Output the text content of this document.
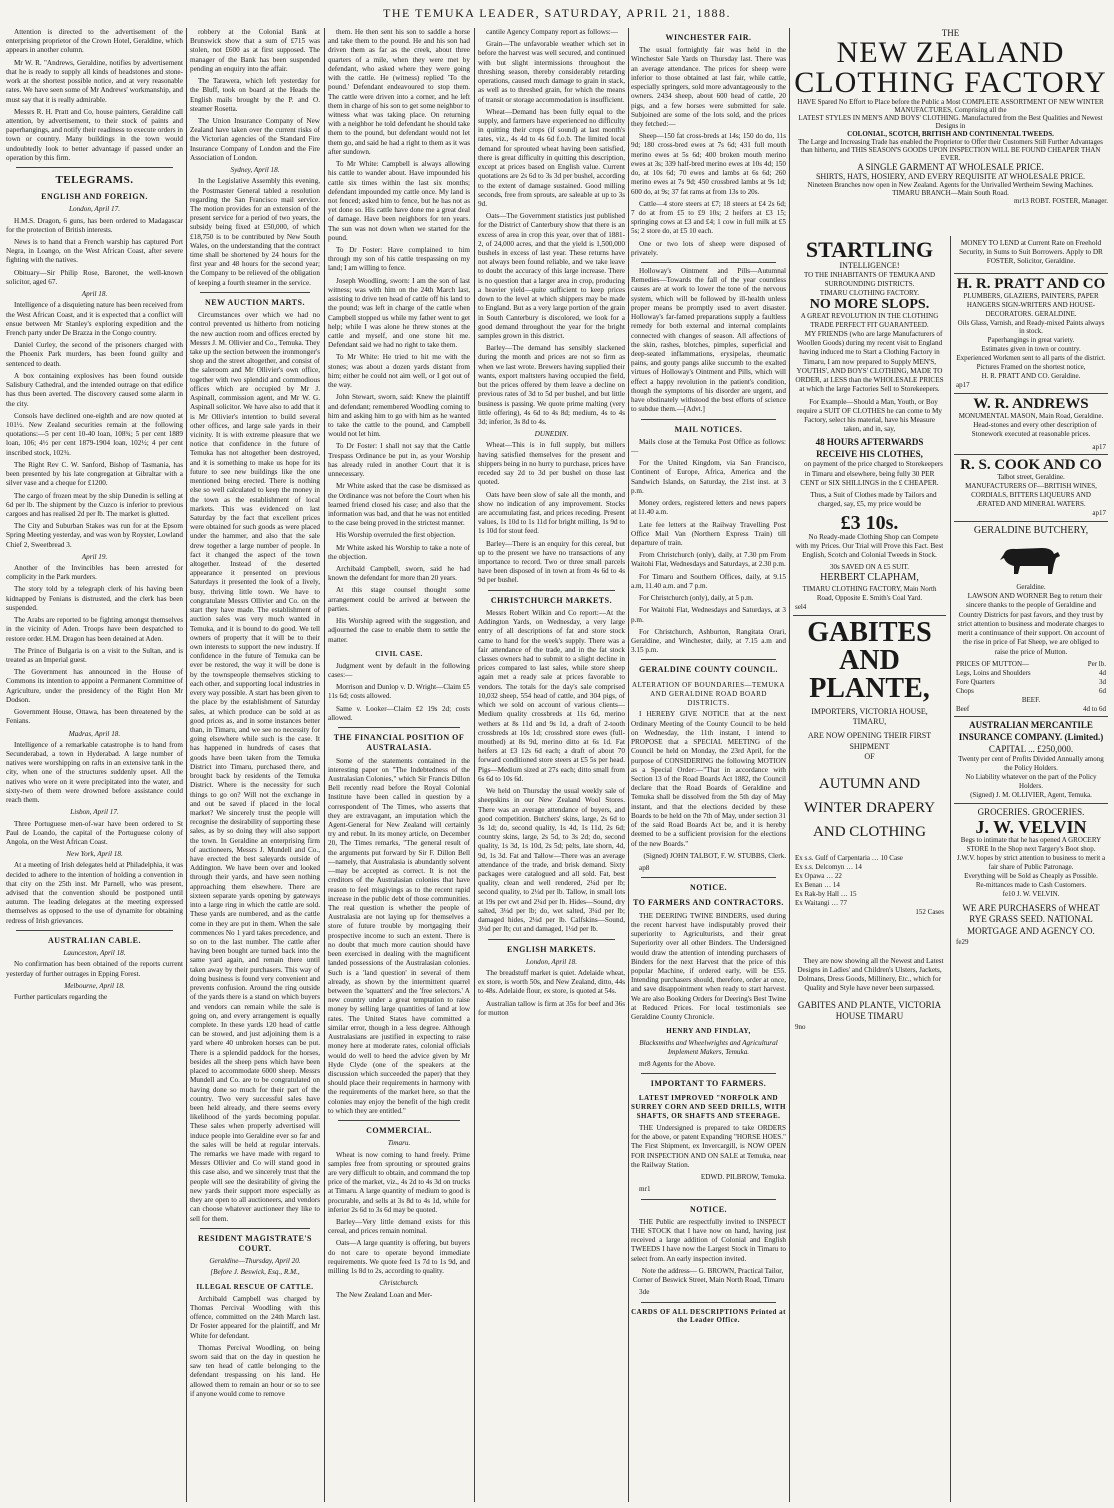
THE TEMUKA LEADER, SATURDAY, APRIL 21, 1888.

Attention is directed to the advertisement of the enterprising proprietor of the Crown Hotel, Geraldine, which appears in another column.

Mr W. R. "Andrews, Geraldine, notifies by advertisement that he is ready to supply all kinds of headstones and stone-work at the shortest possible notice, and at very reasonable rates. We have seen some of Mr Andrews' workmanship, and must say that it is really admirable.

Messrs R. H. Pratt and Co, house painters, Geraldine call attention, by advertisement, to their stock of paints and paperhangings, and notify their readiness to execute orders in town or country. Many buildings in the town would undoubtedly look to better advantage if passed under an operation by this firm.

TELEGRAMS.
ENGLISH AND FOREIGN.
London, April 17.

H.M.S. Dragon, 6 guns, has been ordered to Madagascar for the protection of British interests.

News is to hand that a French warship has captured Port Negra, in Loango, on the West African Coast, after severe fighting with the natives.

Obituary—Sir Philip Rose, Baronet, the well-known solicitor, aged 67.

April 18.

Intelligence of a disquieting nature has been received from the West African Coast, and it is expected that a conflict will ensue between Mr Stanley's exploring expedition and the French party under De Brazza in the Congo country.

Daniel Curley, the second of the prisoners charged with the Phoenix Park murders, has been found guilty and sentenced to death.

A box containing explosives has been found outside Salisbury Cathedral, and the intended outrage on that edifice has thus been averted. The discovery caused some alarm in the city.

Consols have declined one-eighth and are now quoted at 101½. New Zealand securities remain at the following quotations:—5 per cent 10-40 loan, 108¾; 5 per cent 1889 loan, 106; 4½ per cent 1879-1904 loan, 102½; 4 per cent inscribed stock, 102¾.

The Right Rev C. W. Sanford, Bishop of Tasmania, has been presented by his late congregation at Gibraltar with a silver vase and a cheque for £1200.

The cargo of frozen meat by the ship Dunedin is selling at 6d per lb. The shipment by the Cuzco is inferior to previous cargoes and has realised 2d per lb. The market is glutted.

The City and Suburban Stakes was run for at the Epsom Spring Meeting yesterday, and was won by Royster, Lowland Chief 2, Sweetbread 3.

April 19.

Another of the Invincibles has been arrested for complicity in the Park murders.

The story told by a telegraph clerk of his having been kidnapped by Fenians is distrusted, and the clerk has been suspended.

The Arabs are reported to be fighting amongst themselves in the vicinity of Aden. Troops have been despatched to restore order. H.M. Dragon has been detained at Aden.

The Prince of Bulgaria is on a visit to the Sultan, and is treated as an Imperial guest.

The Government has announced in the House of Commons its intention to appoint a Permanent Committee of Agriculture, under the presidency of the Right Hon Mr Dodson.

Government House, Ottawa, has been threatened by the Fenians.

Madras, April 18.

Intelligence of a remarkable catastrophe is to hand from Secunderabad, a town in Hyderabad. A large number of natives were worshipping on rafts in an extensive tank in the city, when one of the structures suddenly upset. All the natives who were on it were precipitated into the water, and sixty-two of them were drowned before assistance could reach them.

Lisbon, April 17.

Three Portuguese men-of-war have been ordered to St Paul de Loando, the capital of the Portuguese colony of Angola, on the West African Coast.

New York, April 18.

At a meeting of Irish delegates held at Philadelphia, it was decided to adhere to the intention of holding a convention in that city on the 25th inst. Mr Parnell, who was present, advised that the convention should be postponed until autumn. The leading delegates at the meeting expressed themselves as opposed to the use of dynamite for obtaining redress of Irish grievances.

AUSTRALIAN CABLE.
Launceston, April 18.

No confirmation has been obtained of the reports current yesterday of further outrages in Epping Forest.

Melbourne, April 18.

Further particulars regarding the

robbery at the Colonial Bank at Brunswick show that a sum of £715 was stolen, not £600 as at first supposed. The manager of the Bank has been suspended pending an enquiry into the affair.

The Tarawera, which left yesterday for the Bluff, took on board at the Heads the English mails brought by the P. and O. steamer Rosetta.

The Union Insurance Company of New Zealand have taken over the current risks of the Victorian agencies of the Standard Fire Insurance Company of London and the Fire Association of London.

Sydney, April 18.

In the Legislative Assembly this evening, the Postmaster General tabled a resolution regarding the San Francisco mail service. The motion provides for an extension of the present service for a period of two years, the subsidy being fixed at £50,000, of which £18,750 is to be contributed by New South Wales, on the understanding that the contract time shall be shortened by 24 hours for the first year and 48 hours for the second year; the Company to be relieved of the obligation of keeping a fourth steamer in the service.

NEW AUCTION MARTS.

Circumstances over which we had no control prevented us hitherto from noticing the new auction room and offices erected by Messrs J. M. Ollivier and Co., Temuka. They take up the section between the ironmonger's shop and the street altogether, and consist of the saleroom and Mr Ollivier's own office, together with two splendid and commodious offices which are occupied by Mr J. Aspinall, commission agent, and Mr W. G. Aspinall solicitor. We have also to add that it is Mr Ollivier's intention to build several other offices, and large sale yards in their vicinity. It is with extreme pleasure that we notice that confidence in the future of Temuka has not altogether been destroyed, and it is something to make us hope for its future to see new buildings like the one mentioned being erected. There is nothing else so well calculated to keep the money in the town as the establishment of local markets. This was evidenced on last Saturday by the fact that excellent prices were obtained for such goods as were placed under the hammer, and also that the sale drew together a large number of people. In fact it changed the aspect of the town altogether. Instead of the deserted appearance it presented on previous Saturdays it presented the look of a lively, busy, thriving little town. We have to congratulate Messrs Ollivier and Co. on the start they have made. The establishment of auction sales was very much wanted in Temuka, and it is bound to do good. We tell owners of property that it will be to their own interests to support the new industry. If confidence in the future of Temuka can be ever be restored, the way it will be done is by the townspeople themselves sticking to each other, and supporting local industries in every way possible. A start has been given to the place by the establishment of Saturday sales, at which produce can be sold at as good prices as, and in some instances better than, in Timaru, and we see no necessity for going elsewhere while such is the case. It has happened in hundreds of cases that goods have been taken from the Temuka District into Timaru, purchased there, and brought back by residents of the Temuka District. Where is the necessity for such things to go on? Will not the exchange in and out be saved if placed in the local market? We sincerely trust the people will recognise the desirability of supporting these sales, as by so doing they will also support the town. In Geraldine an enterprising firm of auctioneers, Messrs J. Mundell and Co., have erected the best saleyards outside of Addington. We have been over and looked through their yards, and have seen nothing approaching them elsewhere. There are sixteen separate yards opening by gateways into a large ring in which the cattle are sold. These yards are numbered, and as the cattle come in they are put in them. When the sale commences No 1 yard takes precedence, and so on to the last number. The cattle after having been bought are turned back into the same yard again, and remain there until taken away by their purchasers. This way of doing business is found very convenient and prevents confusion. Around the ring outside of the yards there is a stand on which buyers and vendors can remain while the sale is going on, and every arrangement is equally complete. In these yards 120 head of cattle can be stowed, and just adjoining them is a yard where 40 unbroken horses can be put. There is a splendid paddock for the horses, besides all the sheep pens which have been placed to accommodate 6000 sheep. Messrs Mundell and Co. are to be congratulated on having done so much for their part of the country. Two very successful sales have been held already, and there seems every likelihood of the yards becoming popular. These sales when properly advertised will induce people into Geraldine ever so far and the sales will be held at regular intervals. The remarks we have made with regard to Messrs Ollivier and Co will stand good in this case also, and we sincerely trust that the people will see the desirability of giving the new yards their support more especially as they are open to all auctioneers, and vendors can choose whatever auctioneer they like to sell for them.

RESIDENT MAGISTRATE'S COURT.
Geraldine—Thursday, April 20.
[Before J. Beswick, Esq., R.M.,
ILLEGAL RESCUE OF CATTLE.

Archibald Campbell was charged by Thomas Percival Woodling with this offence, committed on the 24th March last. Dr Foster appeared for the plaintiff, and Mr White for defendant.

Thomas Percival Woodling, on being sworn said that on the day in question he saw ten head of cattle belonging to the defendant trespassing on his land. He allowed them to remain an hour or so to see if anyone would come to remove

them. He then sent his son to saddle a horse and take them to the pound. He and his son had driven them as far as the creek, about three quarters of a mile, when they were met by defendant, who asked where they were going with the cattle. He (witness) replied 'To the pound.' Defendant endeavoured to stop them. The cattle were driven into a corner, and he left them in charge of his son to get some neighbor to witness what was taking place. On returning with a neighbor he told defendant he should take them to the pound, but defendant would not let them go, and said he had a right to them as it was after sundown.

To Mr White: Campbell is always allowing his cattle to wander about. Have impounded his cattle six times within the last six months; defendant impounded my cattle once. My land is not fenced; asked him to fence, but he has not as yet done so. His cattle have done me a great deal of damage. Have been neighbors for ten years. The sun was not down when we started for the pound.

To Dr Foster: Have complained to him through my son of his cattle trespassing on my land; I am willing to fence.

Joseph Woodling, sworn: I am the son of last witness; was with him on the 24th March last, assisting to drive ten head of cattle off his land to the pound; was left in charge of the cattle when Campbell stopped us while my father went to get help; while I was alone he threw stones at the cattle and myself, and one stone hit me. Defendant said we had no right to take them.

To Mr White: He tried to hit me with the stones; was about a dozen yards distant from him; either he could not aim well, or I got out of the way.

John Stewart, sworn, said: Knew the plaintiff and defendant; remembered Woodling coming to him and asking him to go with him as he wanted to take the cattle to the pound, and Campbell would not let him.

To Dr Foster: I shall not say that the Cattle Trespass Ordinance be put in, as your Worship has already ruled in another Court that it is unnecessary.

Mr White asked that the case be dismissed as the Ordinance was not before the Court when his learned friend closed his case; and also that the information was bad, and that he was not entitled to the case being proved in the strictest manner.

His Worship overruled the first objection.

Mr White asked his Worship to take a note of the objection.

Archibald Campbell, sworn, said he had known the defendant for more than 20 years.

At this stage counsel thought some arrangement could be arrived at between the parties.

His Worship agreed with the suggestion, and adjourned the case to enable them to settle the matter.

CIVIL CASE.

Judgment went by default in the following cases:—

Morrison and Dunlop v. D. Wright—Claim £5 11s 6d; costs allowed.

Same v. Looker—Claim £2 19s 2d; costs allowed.

THE FINANCIAL POSITION OF AUSTRALASIA.

Some of the statements contained in the interesting paper on "The Indebtedness of the Australasian Colonies," which Sir Francis Dillon Bell recently read before the Royal Colonial Institute have been called in question by a correspondent of The Times, who asserts that they are extravagant, an imputation which the Agent-General for New Zealand will certainly try and rebut. In its money article, on December 20, The Times remarks, "The general result of the arguments put forward by Sir F. Dillon Bell—namely, that Australasia is abundantly solvent—may be accepted as correct. It is not the creditors of the Australasian colonies that have reason to feel misgivings as to the recent rapid increase in the public debt of those communities. The real question is whether the people of Australasia are not laying up for themselves a store of future trouble by mortgaging their prospective income to such an extent. There is no doubt that much more caution should have been exercised in dealing with the magnificent landed possessions of the Australasian colonies. Such is a 'land question' in several of them already, as shown by the intermittent quarrel between the 'squatters' and the 'free selectors.' A new country under a great temptation to raise money by selling large quantities of land at low rates. The United States have committed a similar error, though in a less degree. Although Australasians are justified in expecting to raise money here at moderate rates, colonial officials would do well to heed the advice given by Mr Hyde Clyde (one of the speakers at the discussion which succeeded the paper) that they should place their requirements in harmony with the requirements of the market here, so that the colonies may enjoy the benefit of the high credit to which they are entitled."

COMMERCIAL.
Timaru.

Wheat is now coming to hand freely. Prime samples free from sprouting or sprouted grains are very difficult to obtain, and command the top price of the market, viz., 4s 2d to 4s 3d on trucks at Timaru. A large quantity of medium to good is procurable, and sells at 3s 8d to 4s 1d, while for inferior 2s 6d to 3s 6d may be quoted.

Barley—Very little demand exists for this cereal, and prices remain nominal.

Oats—A large quantity is offering, but buyers do not care to operate beyond immediate requirements. We quote feed 1s 7d to 1s 9d, and milling 1s 8d to 2s, according to quality.

Christchurch.

The New Zealand Loan and Mer-

cantile Agency Company report as follows:—

Grain—The unfavorable weather which set in before the harvest was well secured, and continued with but slight intermissions throughout the threshing season, thereby considerably retarding operations, caused much damage to grain in stack, as well as to threshed grain, for which the means of transit or storage accommodation is insufficient.

Wheat—Demand has been fully equal to the supply, and farmers have experienced no difficulty in quitting their crops (if sound) at last month's rates, viz., 4s 4d to 4s 6d f.o.b. The limited local demand for sprouted wheat having been satisfied, there is great difficulty in quitting this description, except at prices based on English value. Current quotations are 2s 6d to 3s 3d per bushel, according to the extent of damage sustained. Good milling seconds, free from sprouts, are saleable at up to 3s 9d.

Oats—The Government statistics just published for the District of Canterbury show that there is an excess of area in crop this year, over that of 1881-2, of 24,000 acres, and that the yield is 1,500,000 bushels in excess of last year. These returns have not always been found reliable, and we take leave to doubt the accuracy of this large increase. There is no question that a larger area in crop, producing a heavier yield—quite sufficient to keep prices down to the level at which shippers may be made to England. But as a very large portion of the grain in South Canterbury is discolored, we look for a good demand throughout the year for the bright samples grown in this district.

Barley—The demand has sensibly slackened during the month and prices are not so firm as when we last wrote. Brewers having supplied their wants, export maltsters having occupied the field, but the prices offered by them leave a decline on previous rates of 3d to 5d per bushel, and but little business is passing. We quote prime malting (very little offering), 4s 6d to 4s 8d; medium, 4s to 4s 3d; inferior, 3s 8d to 4s.

DUNEDIN.

Wheat—This is in full supply, but millers having satisfied themselves for the present and shippers being in no hurry to purchase, prices have receded say 2d to 3d per bushel on those last quoted.

Oats have been slow of sale all the month, and show no indication of any improvement. Stocks are accumulating fast, and prices receding. Present values, 1s 10d to 1s 11d for bright milling, 1s 9d to 1s 10d for stout feed.

Barley—There is an enquiry for this cereal, but up to the present we have no transactions of any importance to record. Two or three small parcels have been disposed of in town at from 4s 6d to 4s 9d per bushel.

CHRISTCHURCH MARKETS.

Messrs Robert Wilkin and Co report:—At the Addington Yards, on Wednesday, a very large entry of all descriptions of fat and store stock came to hand for the week's supply. There was a fair attendance of the trade, and in the fat stock classes owners had to submit to a slight decline in prices compared to last sales, while store sheep again met a ready sale at prices favorable to vendors. The totals for the day's sale comprised 10,032 sheep, 554 head of cattle, and 304 pigs, of which we sold on account of various clients—Medium quality crossbreds at 11s 6d, merino wethers at 8s 11d and 9s 1d, a draft of 2-tooth crossbreds at 10s 1d; crossbred store ewes (full-mouthed) at 8s 9d, merino ditto at 6s 1d. Fat heifers at £3 12s 6d each; a draft of about 70 forward conditioned store steers at £5 5s per head. Pigs—Medium sized at 27s each; ditto small from 6s 6d to 10s 6d.

We held on Thursday the usual weekly sale of sheepskins in our New Zealand Wool Stores. There was an average attendance of buyers, and good competition. Butchers' skins, large, 2s 6d to 3s 1d; do, second quality, 1s 4d, 1s 11d, 2s 6d; country skins, large, 2s 5d, to 3s 2d; do, second quality, 1s 3d, 1s 10d, 2s 5d; pelts, late shorn, 4d, 9d, 1s 3d. Fat and Tallow—There was an average attendance of the trade, and brisk demand. Sixty packages were catalogued and all sold. Fat, best quality, clean and well rendered, 2¼d per lb; second quality, to 2¼d per lb. Tallow, in small lots at 19s per cwt and 2¼d per lb. Hides—Sound, dry salted, 3¼d per lb; do, wet salted, 3¼d per lb; damaged hides, 2¼d per lb. Calfskins—Sound, 3¼d per lb; cut and damaged, 1¼d per lb.

ENGLISH MARKETS.
London, April 18.

The breadstuff market is quiet. Adelaide wheat, ex store, is worth 50s, and New Zealand, ditto, 44s to 48s. Adelaide flour, ex store, is quoted at 54s.

Australian tallow is firm at 35s for beef and 36s for mutton

WINCHESTER FAIR.

The usual fortnightly fair was held in the Winchester Sale Yards on Thursday last. There was an average attendance. The prices for sheep were inferior to those obtained at last fair, while cattle, especially springers, sold more advantageously to the owners. 2434 sheep, about 600 head of cattle, 20 pigs, and a few horses were submitted for sale. Subjoined are some of the lots sold, and the prices they fetched:—

Sheep—150 fat cross-breds at 14s; 150 do do, 11s 9d; 180 cross-bred ewes at 7s 6d; 431 full mouth merino ewes at 5s 6d; 400 broken mouth merino ewes at 3s; 339 half-bred merino ewes at 10s 4d; 150 do, at 10s 6d; 70 ewes and lambs at 6s 6d; 260 merino ewes at 7s 9d; 450 crossbred lambs at 9s 1d; 600 do, at 9s; 37 fat rams at from 13s to 20s.

Cattle—4 store steers at £7; 18 steers at £4 2s 6d; 7 do at from £5 to £9 10s; 2 heifers at £3 15; springing cows at £3 and £4; 1 cow in full milk at £5 5s; 2 store do, at £5 10 each.

One or two lots of sheep were disposed of privately.

Holloway's Ointment and Pills—Autumnal Remedies—Towards the fall of the year countless causes are at work to lower the tone of the nervous system, which will be followed by ill-health unless proper means be promptly used to avert disaster. Holloway's far-famed preparations supply a faultless remedy for both external and internal complaints connected with changes of season. All affections of the skin, rashes, blotches, pimples, superficial and deep-seated inflammations, erysipelas, rheumatic pains, and gouty pangs alike succumb to the exalted virtues of Holloway's Ointment and Pills, which will effect a happy revolution in the patient's condition, though the symptoms of his disorder are urgent, and have obstinately withstood the best efforts of science to subdue them.—[Advt.]

MAIL NOTICES.

Mails close at the Temuka Post Office as follows:—

For the United Kingdom, via San Francisco, Continent of Europe, Africa, America and the Sandwich Islands, on Saturday, the 21st inst. at 3 p.m.

Money orders, registered letters and news papers at 11.40 a.m.

Late fee letters at the Railway Travelling Post Office Mail Van (Northern Express Train) till departure of train.

From Christchurch (only), daily, at 7.30 pm From Waitohi Flat, Wednesdays and Saturdays, at 2.30 p.m.

For Timaru and Southern Offices, daily, at 9.15 a.m, 11.40 a.m. and 7 p.m.

For Christchurch (only), daily, at 5 p.m.

For Waitohi Flat, Wednesdays and Saturdays, at 3 p.m.

For Christchurch, Ashburton, Rangitata Orari, Geraldine, and Winchester, daily, at 7.15 a.m and 3.15 p.m.

GERALDINE COUNTY COUNCIL.
ALTERATION OF BOUNDARIES—TEMUKA AND GERALDINE ROAD BOARD DISTRICTS.

I HEREBY GIVE NOTICE that at the next Ordinary Meeting of the County Council to be held on Wednesday, the 11th instant, I intend to PROPOSE that a SPECIAL MEETING of the Council be held on Monday, the 23rd April, for the purpose of CONSIDERING the following MOTION as a Special Order:—"That in accordance with Section 13 of the Road Boards Act 1882, the Council declare that the Road Boards of Geraldine and Temuka shall be dissolved from the 5th day of May instant, and that the elections decided by these Boards to be held on the 7th of May, under section 31 of the said Road Boards Act be, and it is hereby deemed to be a sufficient provision for the elections of the new Boards."

(Signed) JOHN TALBOT, F. W. STUBBS, Clerk.

ap8

NOTICE.
TO FARMERS AND CONTRACTORS.

THE DEERING TWINE BINDERS, used during the recent harvest have indisputably proved their superiority to Agriculturists, and their great Superiority over all other Binders. The Undersigned would draw the attention of intending purchasers of Binders for the next Harvest that the price of this popular Machine, if ordered early, will be £55. Intending purchasers should, therefore, order at once, and save disappointment when ready to start harvest. We are also Booking Orders for Deering's Best Twine at Reduced Prices. For local testimonials see Geraldine County Chronicle.

HENRY AND FINDLAY,
Blacksmiths and Wheelwrights and Agricultural Implement Makers, Temuka.

mr8 Agents for the Above.

IMPORTANT TO FARMERS.
LATEST IMPROVED "NORFOLK AND SURREY CORN AND SEED DRILLS, WITH SHAFTS, OR SHAFTS AND STEERAGE.

THE Undersigned is prepared to take ORDERS for the above, or patent Expanding "HORSE HOES." The First Shipment, ex Invercargill, is NOW OPEN FOR INSPECTION AND ON SALE at Temuka, near the Railway Station.

EDWD. PILBROW, Temuka.

mr1

NOTICE.

THE Public are respectfully invited to INSPECT THE STOCK that I have now on hand, having just received a large addition of Colonial and English TWEEDS I have now the Largest Stock in Timaru to select from. An early inspection invited.

Note the address— G. BROWN, Practical Tailor, Corner of Beswick Street, Main North Road, Timaru

3de

CARDS OF ALL DESCRIPTIONS Printed at the Leader Office.
THE
NEW ZEALAND CLOTHING FACTORY
HAVE Spared No Effort to Place before the Public a Most COMPLETE ASSORTMENT OF NEW WINTER MANUFACTURES, Comprising all the
LATEST STYLES IN MEN'S AND BOYS' CLOTHING. Manufactured from the Best Qualities and Newest Designs in
COLONIAL, SCOTCH, BRITISH AND CONTINENTAL TWEEDS.
The Large and Increasing Trade has enabled the Proprietor to Offer their Customers Still Further Advantages than hitherto, and THIS SEASON'S GOODS UPON INSPECTION WILL BE FOUND CHEAPER THAN EVER.
A SINGLE GARMENT AT WHOLESALE PRICE.
SHIRTS, HATS, HOSIERY, AND EVERY REQUISITE AT WHOLESALE PRICE.
Nineteen Branches now open in New Zealand. Agents for the Unrivalled Wertheim Sewing Machines. TIMARU BRANCH—Main South Road.
mr13 ROBT. FOSTER, Manager.
STARTLING
INTELLIGENCE!
TO THE INHABITANTS OF TEMUKA AND SURROUNDING DISTRICTS.
TIMARU CLOTHING FACTORY.
NO MORE SLOPS.
A GREAT REVOLUTION IN THE CLOTHING TRADE PERFECT FIT GUARANTEED.

MY FRIENDS (who are large Manufacturers of Woollen Goods) during my recent visit to England having induced me to Start a Clothing Factory in Timaru, I am now prepared to Supply MEN'S, YOUTHS', AND BOYS' CLOTHING, MADE TO ORDER, at LESS than the WHOLESALE PRICES at which the large Factories Sell to Storekeepers.

For Example—Should a Man, Youth, or Boy require a SUIT OF CLOTHES he can come to My Factory, select his material, have his Measure taken, and in, say,

48 HOURS AFTERWARDS RECEIVE HIS CLOTHES,

on payment of the price charged to Storekeepers in Timaru and elsewhere, being fully 30 PER CENT or SIX SHILLINGS in the £ CHEAPER.

Thus, a Suit of Clothes made by Tailors and charged, say, £5, my price would be

£3 10s.

No Ready-made Clothing Shop can Compete with my Prices. Our Trial will Prove this Fact. Best English, Scotch and Colonial Tweeds in Stock.

30s SAVED ON A £5 SUIT.
HERBERT CLAPHAM,
TIMARU CLOTHING FACTORY, Main North Road, Opposite E. Smith's Coal Yard.
sel4
GABITES AND PLANTE,
IMPORTERS, VICTORIA HOUSE, TIMARU,
ARE NOW OPENING THEIR FIRST SHIPMENT
OF
AUTUMN AND WINTER DRAPERY AND CLOTHING
Ex s.s. Gulf of Carpentaria … 10 Case
Ex s.s. Delcomyn … 14
Ex Opawa … 22
Ex Benan … 14
Ex Rak-by Hall … 15
Ex Waitangi … 77
152 Cases

They are now showing all the Newest and Latest Designs in Ladies' and Children's Ulsters, Jackets, Dolmans, Dress Goods, Millinery, Etc., which for Quality and Style have never been surpassed.

GABITES AND PLANTE, VICTORIA HOUSE TIMARU
9no

MONEY TO LEND at Current Rate on Freehold Security, in Sums to Suit Borrowers. Apply to DR FOSTER, Solicitor, Geraldine.

H. R. PRATT AND CO
PLUMBERS, GLAZIERS, PAINTERS, PAPER HANGERS SIGN-WRITERS AND HOUSE-DECORATORS. GERALDINE.
Oils Glass, Varnish, and Ready-mixed Paints always in stock.
Paperhangings in great variety.
Estimates given in town or country.
Experienced Workmen sent to all parts of the district.
Pictures Framed on the shortest notice,
H. R. PRATT AND CO. Geraldine.
ap17
W. R. ANDREWS
MONUMENTAL MASON, Main Road, Geraldine.

Head-stones and every other description of Stonework executed at reasonable prices.

ap17
R. S. COOK AND CO
Talbot street, Geraldine.
MANUFACTURERS OF—BRITISH WINES, CORDIALS, BITTERS LIQUEURS AND ÆRATED AND MINERAL WATERS.
ap17
GERALDINE BUTCHERY,
Geraldine.

LAWSON AND WORNER Beg to return their sincere thanks to the people of Geraldine and Country Districts for past favors, and they trust by strict attention to business and moderate charges to merit a continuance of their support. On account of the rise in price of Fat Sheep, we are obliged to raise the price of Mutton.

PRICES OF MUTTON—	Per lb.
Legs, Loins and Shoulders	4d
Fore Quarters	3d
Chops	6d
BEEF.
Beef	4d to 6d
AUSTRALIAN MERCANTILE INSURANCE COMPANY. (Limited.)
CAPITAL ... £250,000.
Twenty per cent of Profits Divided Annually among the Policy Holders.
No Liability whatever on the part of the Policy Holders.
(Signed) J. M. OLLIVIER, Agent, Temuka.
GROCERIES. GROCERIES.
J. W. VELVIN
Begs to intimate that he has opened A GROCERY STORE In the Shop next Targery's Boot shop.
J.W.V. hopes by strict attention to business to merit a fair share of Public Patronage.
Everything will be Sold as Cheaply as Possible.
Re-mittances made to Cash Customers.
fe10 J. W. VELVIN.
WE ARE PURCHASERS of WHEAT RYE GRASS SEED. NATIONAL MORTGAGE AND AGENCY CO.
fe29
